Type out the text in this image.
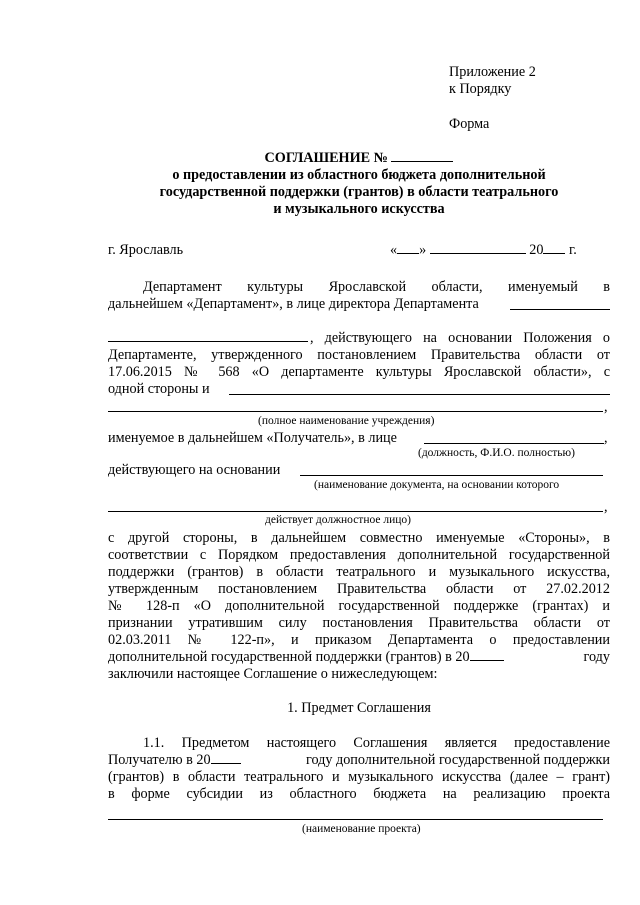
Приложение 2
к Порядку
Форма
СОГЛАШЕНИЕ №
о предоставлении из областного бюджета дополнительной
государственной поддержки (грантов) в области театрального
и музыкального искусства
г. Ярославль	« »	20 г.
Департамент культуры Ярославской области, именуемый в
дальнейшем «Департамент», в лице директора Департамента
, действующего на основании Положения о
Департаменте, утвержденного постановлением Правительства области от
17.06.2015 № 568 «О департаменте культуры Ярославской области», с
одной стороны и
,
(полное наименование учреждения)
именуемое в дальнейшем «Получатель», в лице	,
(должность, Ф.И.О. полностью)
действующего на основании
(наименование документа, на основании которого
,
действует должностное лицо)
с другой стороны, в дальнейшем совместно именуемые «Стороны», в
соответствии с Порядком предоставления дополнительной государственной
поддержки (грантов) в области театрального и музыкального искусства,
утвержденным постановлением Правительства области от 27.02.2012
№ 128-п «О дополнительной государственной поддержке (грантах) и
признании утратившим силу постановления Правительства области от
02.03.2011 № 122-п», и приказом Департамента о предоставлении
дополнительной государственной поддержки (грантов) в 20	году
заключили настоящее Соглашение о нижеследующем:
1. Предмет Соглашения
1.1. Предметом настоящего Соглашения является предоставление
Получателю в 20	году дополнительной государственной поддержки
(грантов) в области театрального и музыкального искусства (далее – грант)
в форме субсидии из областного бюджета на реализацию проекта
(наименование проекта)
